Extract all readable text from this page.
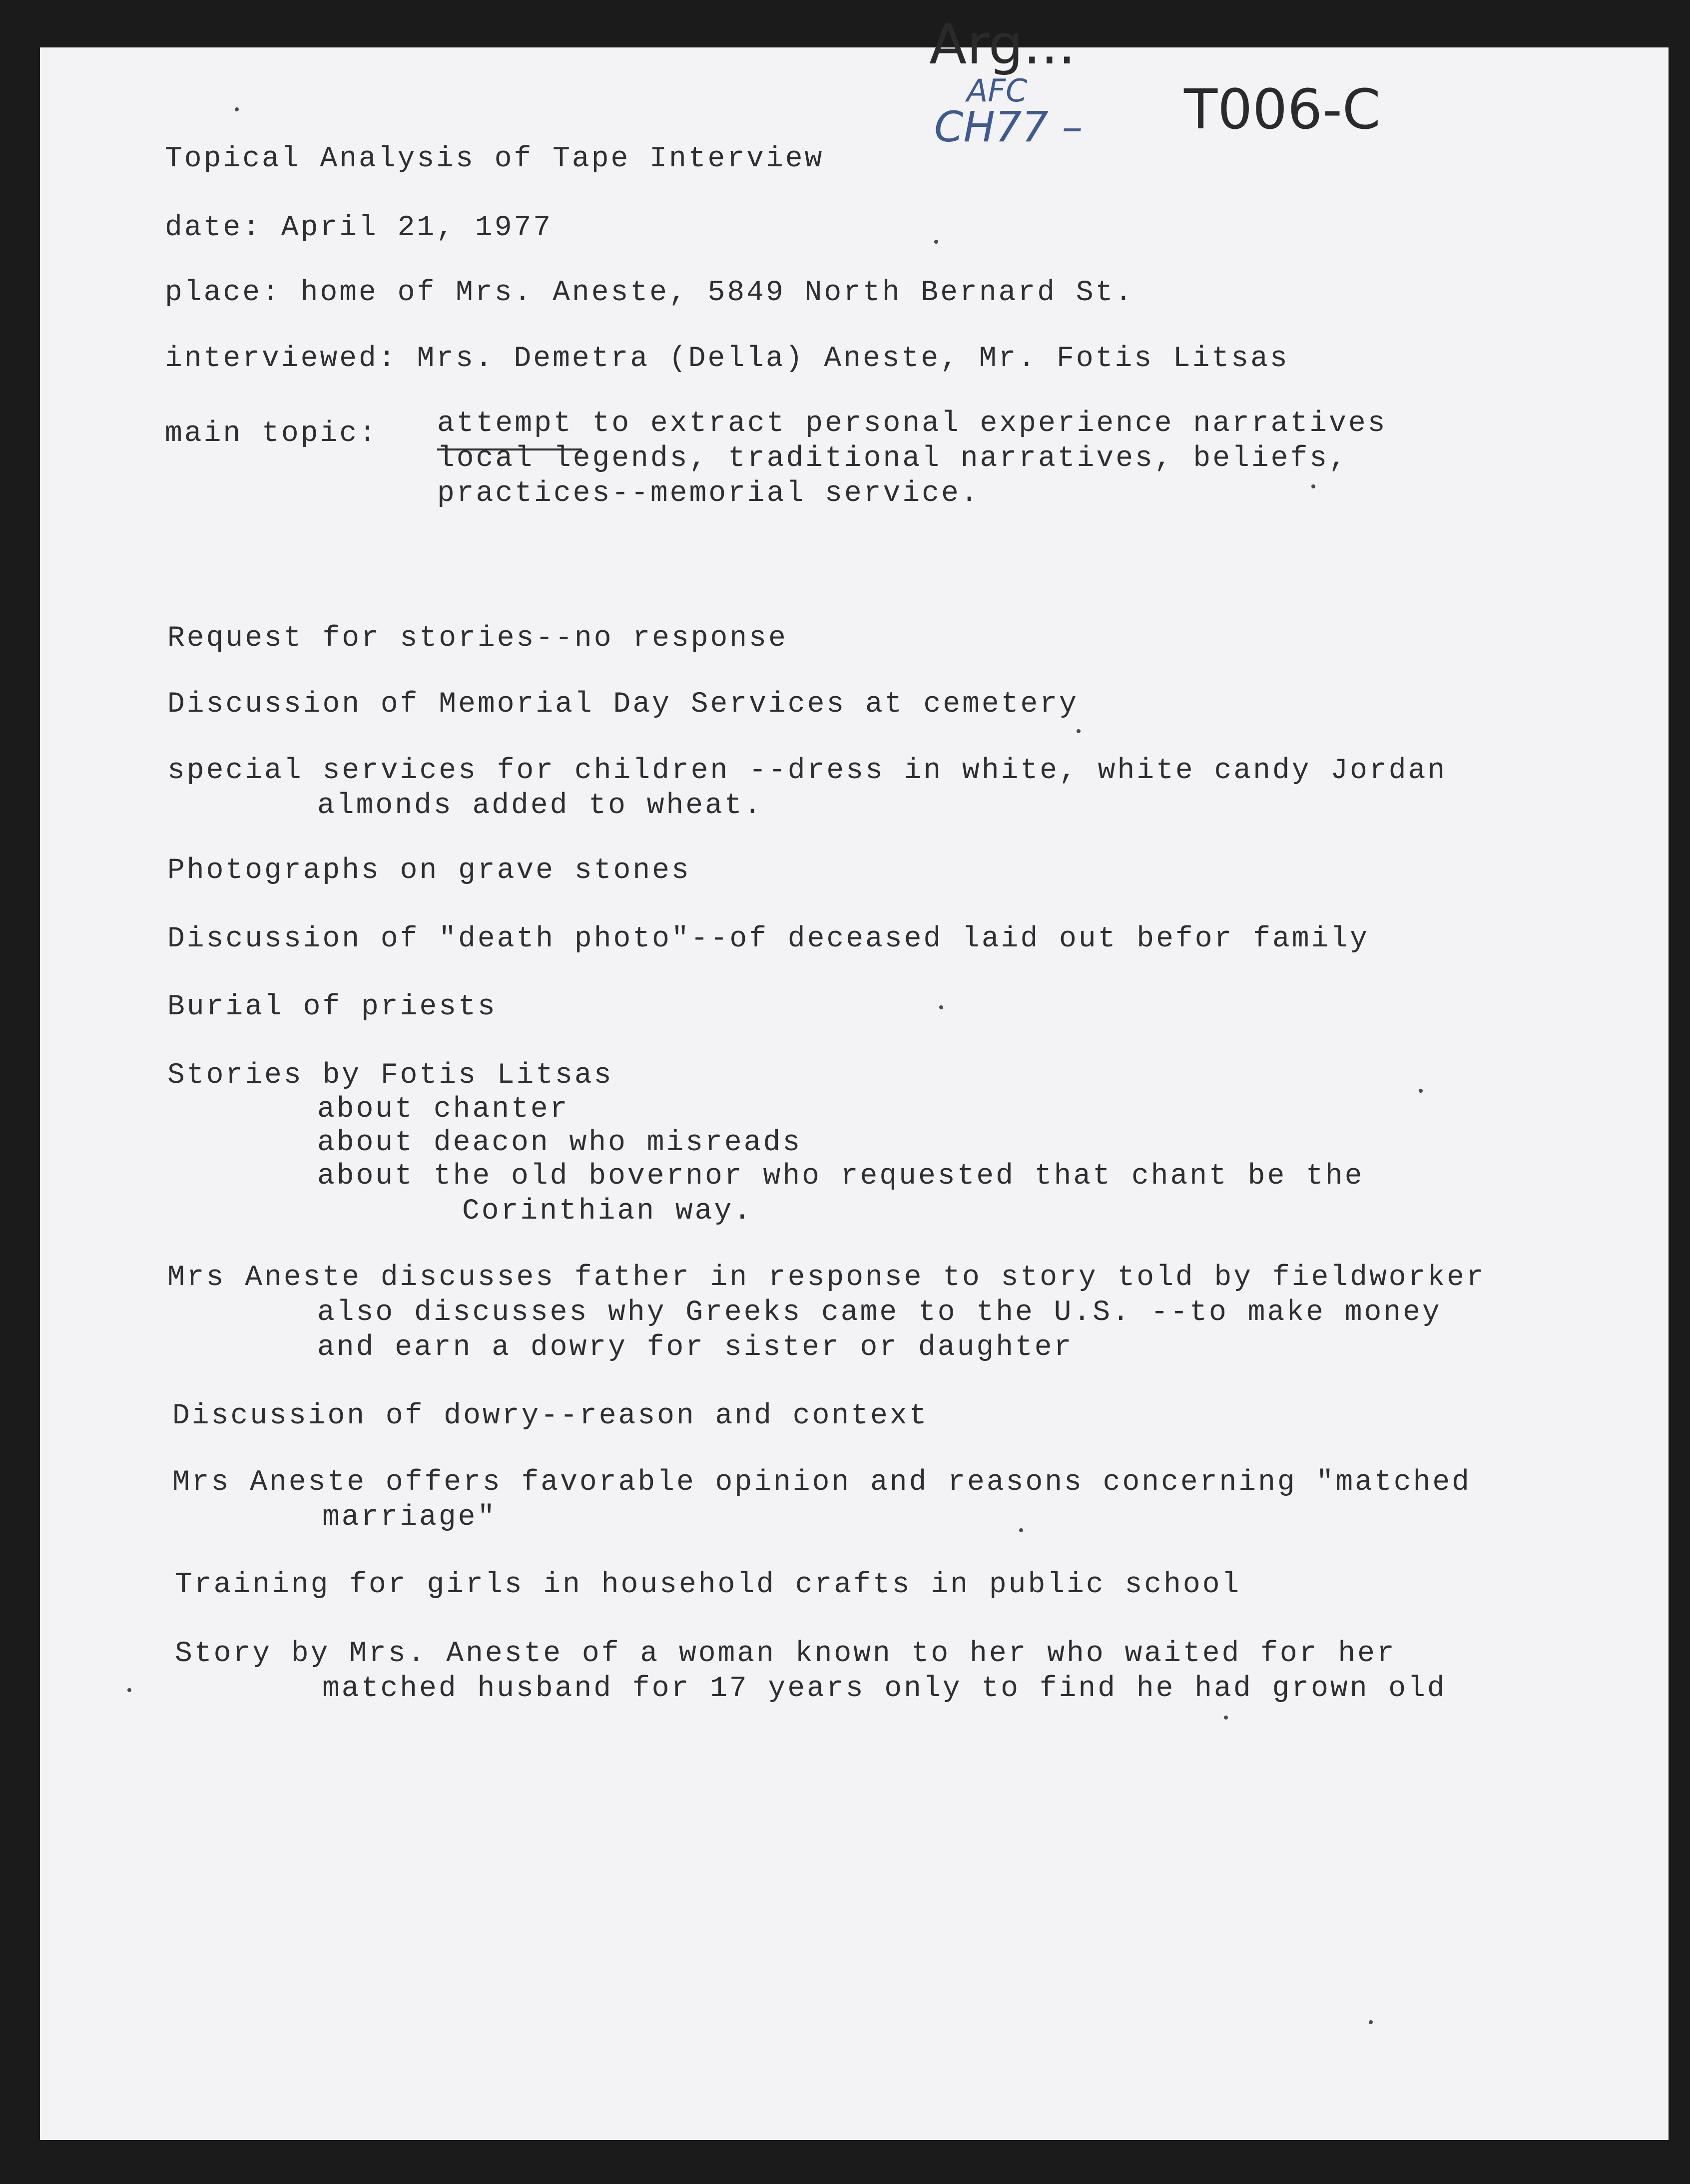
Arg...
AFC
CH77 – T006-C
Topical Analysis of Tape Interview
date: April 21, 1977
place: home of Mrs. Aneste, 5849 North Bernard St.
interviewed: Mrs. Demetra (Della) Aneste, Mr. Fotis Litsas
main topic: attempt to extract personal experience narratives
local legends, traditional narratives, beliefs,
practices--memorial service.
Request for stories--no response
Discussion of Memorial Day Services at cemetery
special services for children --dress in white, white candy Jordan
almonds added to wheat.
Photographs on grave stones
Discussion of "death photo"--of deceased laid out befor family
Burial of priests
Stories by Fotis Litsas
about chanter
about deacon who misreads
about the old bovernor who requested that chant be the
Corinthian way.
Mrs Aneste discusses father in response to story told by fieldworker
also discusses why Greeks came to the U.S. --to make money
and earn a dowry for sister or daughter
Discussion of dowry--reason and context
Mrs Aneste offers favorable opinion and reasons concerning "matched
marriage"
Training for girls in household crafts in public school
Story by Mrs. Aneste of a woman known to her who waited for her
matched husband for 17 years only to find he had grown old
